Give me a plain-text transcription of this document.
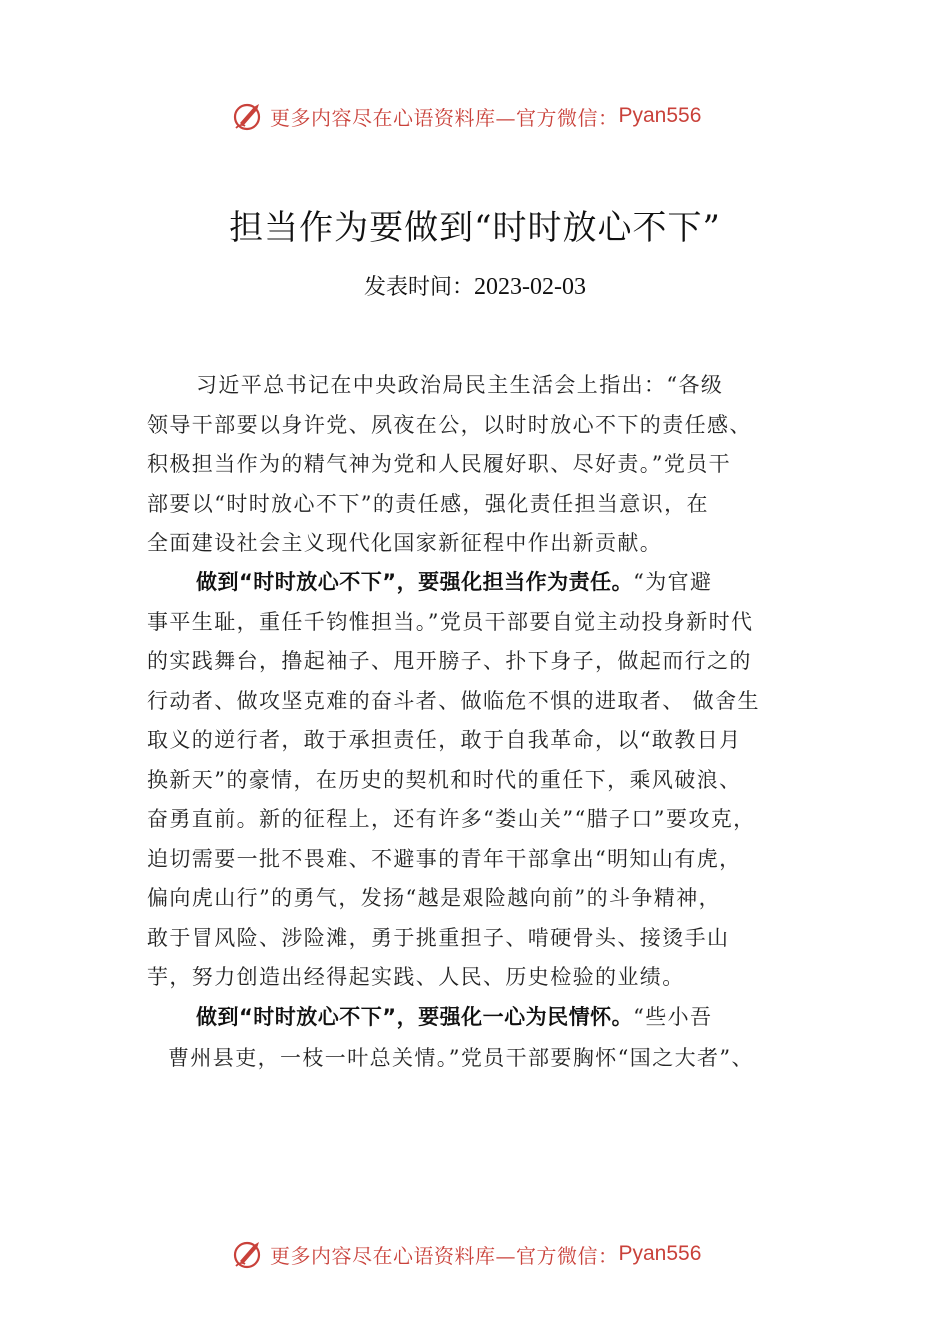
更多内容尽在心语资料库—官方微信： Pyan556
担当作为要做到“时时放心不下”
发表时间：2023-02-03
习近平总书记在中央政治局民主生活会上指出：“各级
领导干部要以身许党、夙夜在公，以时时放心不下的责任感、
积极担当作为的精气神为党和人民履好职、尽好责。”党员干
部要以“时时放心不下”的责任感，强化责任担当意识，在
全面建设社会主义现代化国家新征程中作出新贡献。
做到“时时放心不下”，要强化担当作为责任。“为官避
事平生耻，重任千钧惟担当。”党员干部要自觉主动投身新时代
的实践舞台，撸起袖子、甩开膀子、扑下身子，做起而行之的
行动者、做攻坚克难的奋斗者、做临危不惧的进取者、 做舍生
取义的逆行者，敢于承担责任，敢于自我革命，以“敢教日月
换新天”的豪情，在历史的契机和时代的重任下，乘风破浪、
奋勇直前。新的征程上，还有许多“娄山关”“腊子口”要攻克，
迫切需要一批不畏难、不避事的青年干部拿出“明知山有虎，
偏向虎山行”的勇气，发扬“越是艰险越向前”的斗争精神，
敢于冒风险、涉险滩，勇于挑重担子、啃硬骨头、接烫手山
芋，努力创造出经得起实践、人民、历史检验的业绩。
做到“时时放心不下”，要强化一心为民情怀。“些小吾
曹州县吏，一枝一叶总关情。”党员干部要胸怀“国之大者”、
更多内容尽在心语资料库—官方微信： Pyan556
